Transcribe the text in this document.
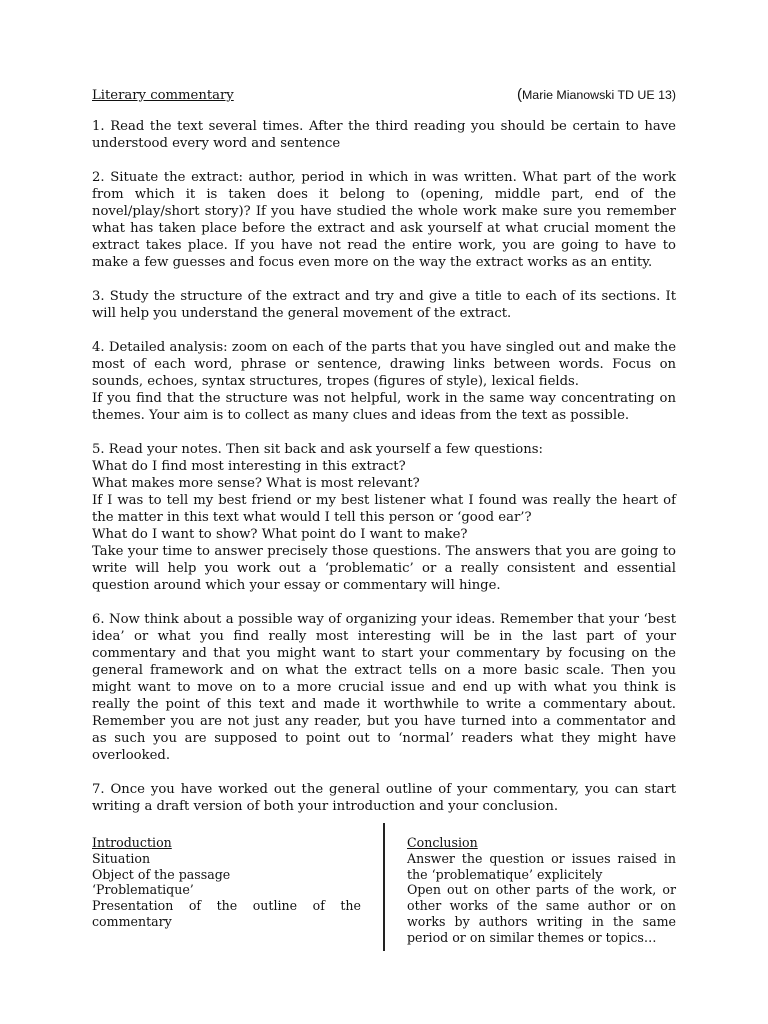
Literary commentary	(Marie Mianowski TD UE 13)

1. Read the text several times. After the third reading you should be certain to have understood every word and sentence

2. Situate the extract: author, period in which in was written. What part of the work from which it is taken does it belong to (opening, middle part, end of the novel/play/short story)? If you have studied the whole work make sure you remember what has taken place before the extract and ask yourself at what crucial moment the extract takes place. If you have not read the entire work, you are going to have to make a few guesses and focus even more on the way the extract works as an entity.

3. Study the structure of the extract and try and give a title to each of its sections. It will help you understand the general movement of the extract.

4. Detailed analysis: zoom on each of the parts that you have singled out and make the most of each word, phrase or sentence, drawing links between words. Focus on sounds, echoes, syntax structures, tropes (figures of style), lexical fields.

If you find that the structure was not helpful, work in the same way concentrating on themes. Your aim is to collect as many clues and ideas from the text as possible.

5. Read your notes. Then sit back and ask yourself a few questions:

What do I find most interesting in this extract?

What makes more sense? What is most relevant?

If I was to tell my best friend or my best listener what I found was really the heart of the matter in this text what would I tell this person or ‘good ear’?

What do I want to show? What point do I want to make?

Take your time to answer precisely those questions. The answers that you are going to write will help you work out a ‘problematic’ or a really consistent and essential question around which your essay or commentary will hinge.

6. Now think about a possible way of organizing your ideas. Remember that your ‘best idea’ or what you find really most interesting will be in the last part of your commentary and that you might want to start your commentary by focusing on the general framework and on what the extract tells on a more basic scale. Then you might want to move on to a more crucial issue and end up with what you think is really the point of this text and made it worthwhile to write a commentary about. Remember you are not just any reader, but you have turned into a commentator and as such you are supposed to point out to ‘normal’ readers what they might have overlooked.

7. Once you have worked out the general outline of your commentary, you can start writing a draft version of both your introduction and your conclusion.

Introduction
Situation
Object of the passage
‘Problematique’
Presentation of the outline of the commentary
Conclusion
Answer the question or issues raised in the ‘problematique’ explicitely
Open out on other parts of the work, or other works of the same author or on works by authors writing in the same period or on similar themes or topics…
